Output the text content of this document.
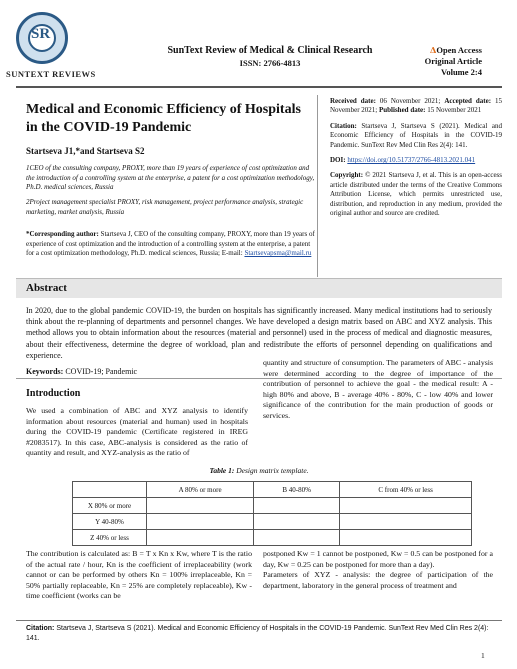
SR
SUNTEXT REVIEWS
SunText Review of Medical & Clinical Research
ISSN: 2766-4813
𝚫Open Access
Original Article
Volume 2:4
Medical and Economic Efficiency of Hospitals in the COVID-19 Pandemic
Startseva J1,*and Startseva S2
1CEO of the consulting company, PROXY, more than 19 years of experience of cost optimization and the introduction of a controlling system at the enterprise, a patent for a cost optimization methodology, Ph.D. medical sciences, Russia
2Project management specialist PROXY, risk management, project performance analysis, strategic marketing, market analysis, Russia
*Corresponding author: Startseva J, CEO of the consulting company, PROXY, more than 19 years of experience of cost optimization and the introduction of a controlling system at the enterprise, a patent for a cost optimization methodology, Ph.D. medical sciences, Russia; E-mail: Startsevapsma@mail.ru

Received date: 06 November 2021; Accepted date: 15 November 2021; Published date: 15 November 2021

Citation: Startseva J, Startseva S (2021). Medical and Economic Efficiency of Hospitals in the COVID-19 Pandemic. SunText Rev Med Clin Res 2(4): 141.

DOI: https://doi.org/10.51737/2766-4813.2021.041

Copyright: © 2021 Startseva J, et al. This is an open-access article distributed under the terms of the Creative Commons Attribution License, which permits unrestricted use, distribution, and reproduction in any medium, provided the original author and source are credited.

Abstract

In 2020, due to the global pandemic COVID-19, the burden on hospitals has significantly increased. Many medical institutions had to seriously think about the re-planning of departments and personnel changes. We have developed a design matrix based on ABC and XYZ analysis. This method allows you to obtain information about the resources (material and personnel) used in the process of medical and diagnostic measures, about their effectiveness, determine the degree of workload, plan and redistribute the efforts of personnel depending on qualifications and experience.

Keywords: COVID-19; Pandemic
Introduction

We used a combination of ABC and XYZ analysis to identify information about resources (material and human) used in hospitals during the COVID-19 pandemic (Certificate registered in IREG #2083517). In this case, ABC-analysis is considered as the ratio of quantity and result, and XYZ-analysis as the ratio of

quantity and structure of consumption. The parameters of ABC - analysis were determined according to the degree of importance of the contribution of personnel to achieve the goal - the medical result: A - high 80% and above, B - average 40% - 80%, C - low 40% and lower significance of the contribution for the main production of goods or services.

Table 1: Design matrix template.
	A 80% or more	B 40-80%	C from 40% or less
X 80% or more			
Y 40-80%			
Z 40% or less			

The contribution is calculated as: B = T x Kn x Kw, where T is the ratio of the actual rate / hour, Kn is the coefficient of irreplaceability (work cannot or can be performed by others Kn = 100% irreplaceable, Kn = 50% partially replaceable, Kn = 25% are completely replaceable), Kw - time coefficient (works can be

postponed Kw = 1 cannot be postponed, Kw = 0.5 can be postponed for a day, Kw = 0.25 can be postponed for more than a day).

Parameters of XYZ - analysis: the degree of participation of the department, laboratory in the general process of treatment and

Citation: Startseva J, Startseva S (2021). Medical and Economic Efficiency of Hospitals in the COVID-19 Pandemic. SunText Rev Med Clin Res 2(4): 141.
1
